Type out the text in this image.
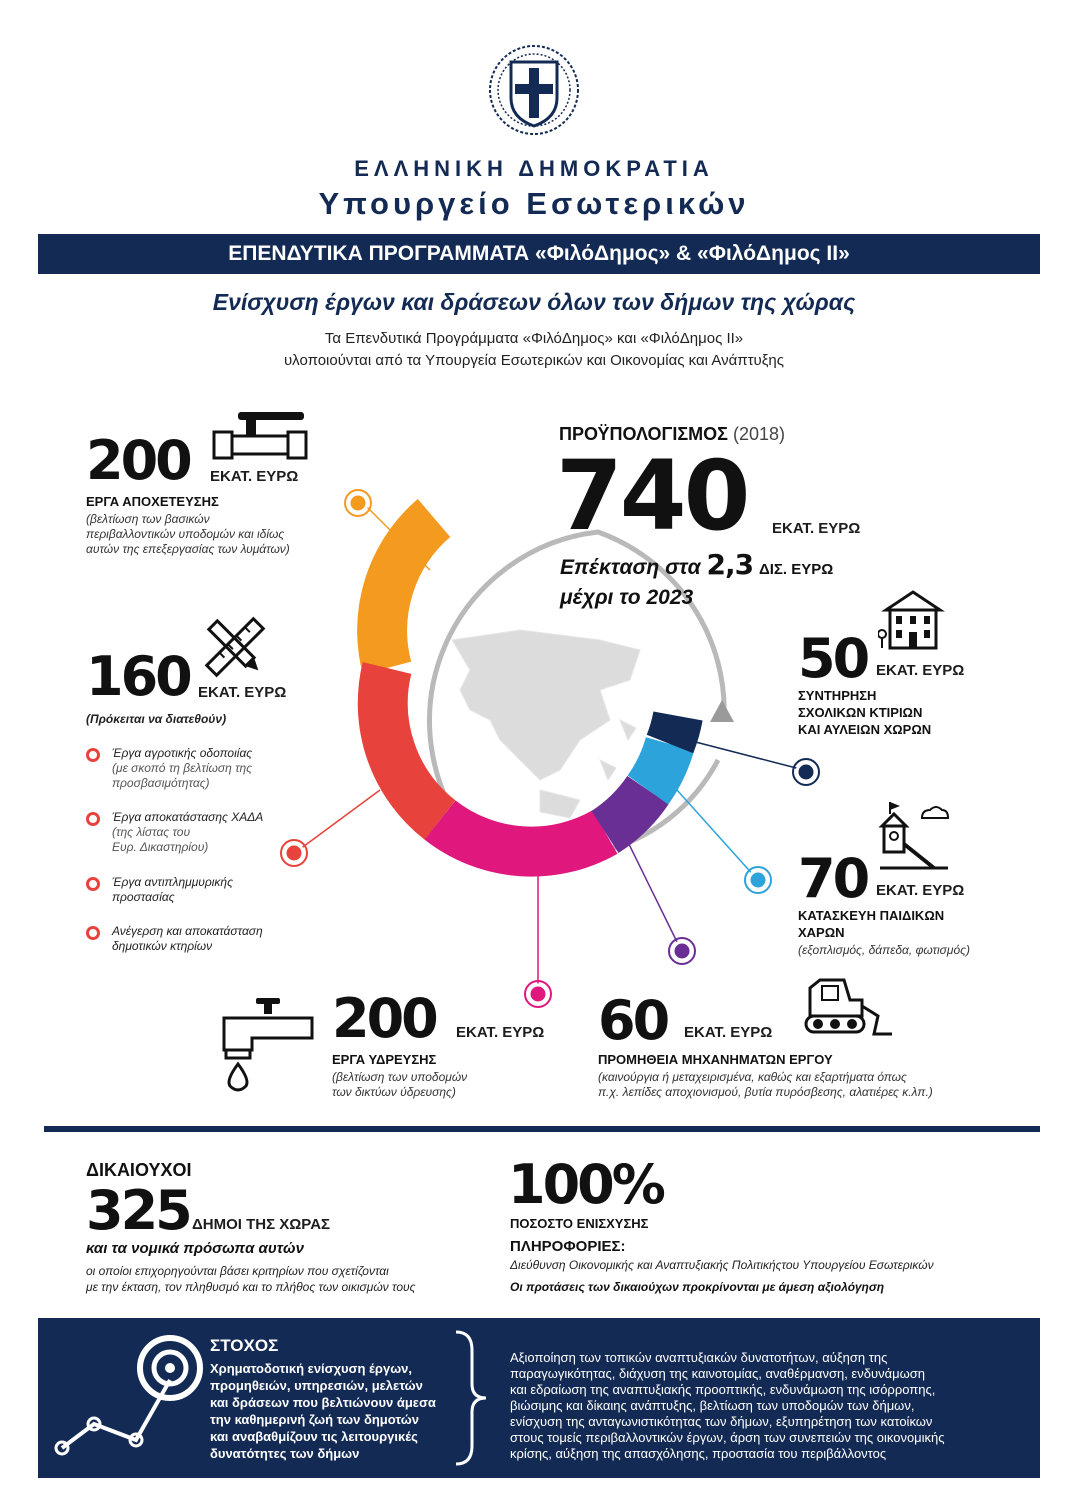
ΕΛΛΗΝΙΚΗ ΔΗΜΟΚΡΑΤΙΑ
Υπουργείο Εσωτερικών
ΕΠΕΝΔΥΤΙΚΑ ΠΡΟΓΡΑΜΜΑΤΑ «ΦιλόΔημος» & «ΦιλόΔημος ΙΙ»
Ενίσχυση έργων και δράσεων όλων των δήμων της χώρας
Τα Επενδυτικά Προγράμματα «ΦιλόΔημος» και «ΦιλόΔημος ΙΙ»
υλοποιούνται από τα Υπουργεία Εσωτερικών και Οικονομίας και Ανάπτυξης
ΠΡΟΫΠΟΛΟΓΙΣΜΟΣ (2018)
740 ΕΚΑΤ. ΕΥΡΩ
Επέκταση στα 2,3 ΔΙΣ. ΕΥΡΩ
μέχρι το 2023
200 ΕΚΑΤ. ΕΥΡΩ
ΕΡΓΑ ΑΠΟΧΕΤΕΥΣΗΣ
(βελτίωση των βασικών
περιβαλλοντικών υποδομών και ιδίως
αυτών της επεξεργασίας των λυμάτων)
160 ΕΚΑΤ. ΕΥΡΩ
(Πρόκειται να διατεθούν)
Έργα αγροτικής οδοποιίας
(με σκοπό τη βελτίωση της
προσβασιμότητας)
Έργα αποκατάστασης ΧΑΔΑ
(της λίστας του
Ευρ. Δικαστηρίου)
Έργα αντιπλημμυρικής
προστασίας
Ανέγερση και αποκατάσταση
δημοτικών κτηρίων
50 ΕΚΑΤ. ΕΥΡΩ
ΣΥΝΤΗΡΗΣΗ
ΣΧΟΛΙΚΩΝ ΚΤΙΡΙΩΝ
ΚΑΙ ΑΥΛΕΙΩΝ ΧΩΡΩΝ
70 ΕΚΑΤ. ΕΥΡΩ
ΚΑΤΑΣΚΕΥΗ ΠΑΙΔΙΚΩΝ
ΧΑΡΩΝ
(εξοπλισμός, δάπεδα, φωτισμός)
200 ΕΚΑΤ. ΕΥΡΩ
ΕΡΓΑ ΥΔΡΕΥΣΗΣ
(βελτίωση των υποδομών
των δικτύων ύδρευσης)
60 ΕΚΑΤ. ΕΥΡΩ
ΠΡΟΜΗΘΕΙΑ ΜΗΧΑΝΗΜΑΤΩΝ ΕΡΓΟΥ
(καινούργια ή μεταχειρισμένα, καθώς και εξαρτήματα όπως
π.χ. λεπίδες αποχιονισμού, βυτία πυρόσβεσης, αλατιέρες κ.λπ.)
ΔΙΚΑΙΟΥΧΟΙ
325 ΔΗΜΟΙ ΤΗΣ ΧΩΡΑΣ
και τα νομικά πρόσωπα αυτών
οι οποίοι επιχορηγούνται βάσει κριτηρίων που σχετίζονται
με την έκταση, τον πληθυσμό και το πλήθος των οικισμών τους
100%
ΠΟΣΟΣΤΟ ΕΝΙΣΧΥΣΗΣ
ΠΛΗΡΟΦΟΡΙΕΣ:
Διεύθυνση Οικονομικής και Αναπτυξιακής Πολιτικήςτου Υπουργείου Εσωτερικών
Οι προτάσεις των δικαιούχων προκρίνονται με άμεση αξιολόγηση
ΣΤΟΧΟΣ
Χρηματοδοτική ενίσχυση έργων,
προμηθειών, υπηρεσιών, μελετών
και δράσεων που βελτιώνουν άμεσα
την καθημερινή ζωή των δημοτών
και αναβαθμίζουν τις λειτουργικές
δυνατότητες των δήμων
Αξιοποίηση των τοπικών αναπτυξιακών δυνατοτήτων, αύξηση της
παραγωγικότητας, διάχυση της καινοτομίας, αναθέρμανση, ενδυνάμωση
και εδραίωση της αναπτυξιακής προοπτικής, ενδυνάμωση της ισόρροπης,
βιώσιμης και δίκαιης ανάπτυξης, βελτίωση των υποδομών των δήμων,
ενίσχυση της ανταγωνιστικότητας των δήμων, εξυπηρέτηση των κατοίκων
στους τομείς περιβαλλοντικών έργων, άρση των συνεπειών της οικονομικής
κρίσης, αύξηση της απασχόλησης, προστασία του περιβάλλοντος
